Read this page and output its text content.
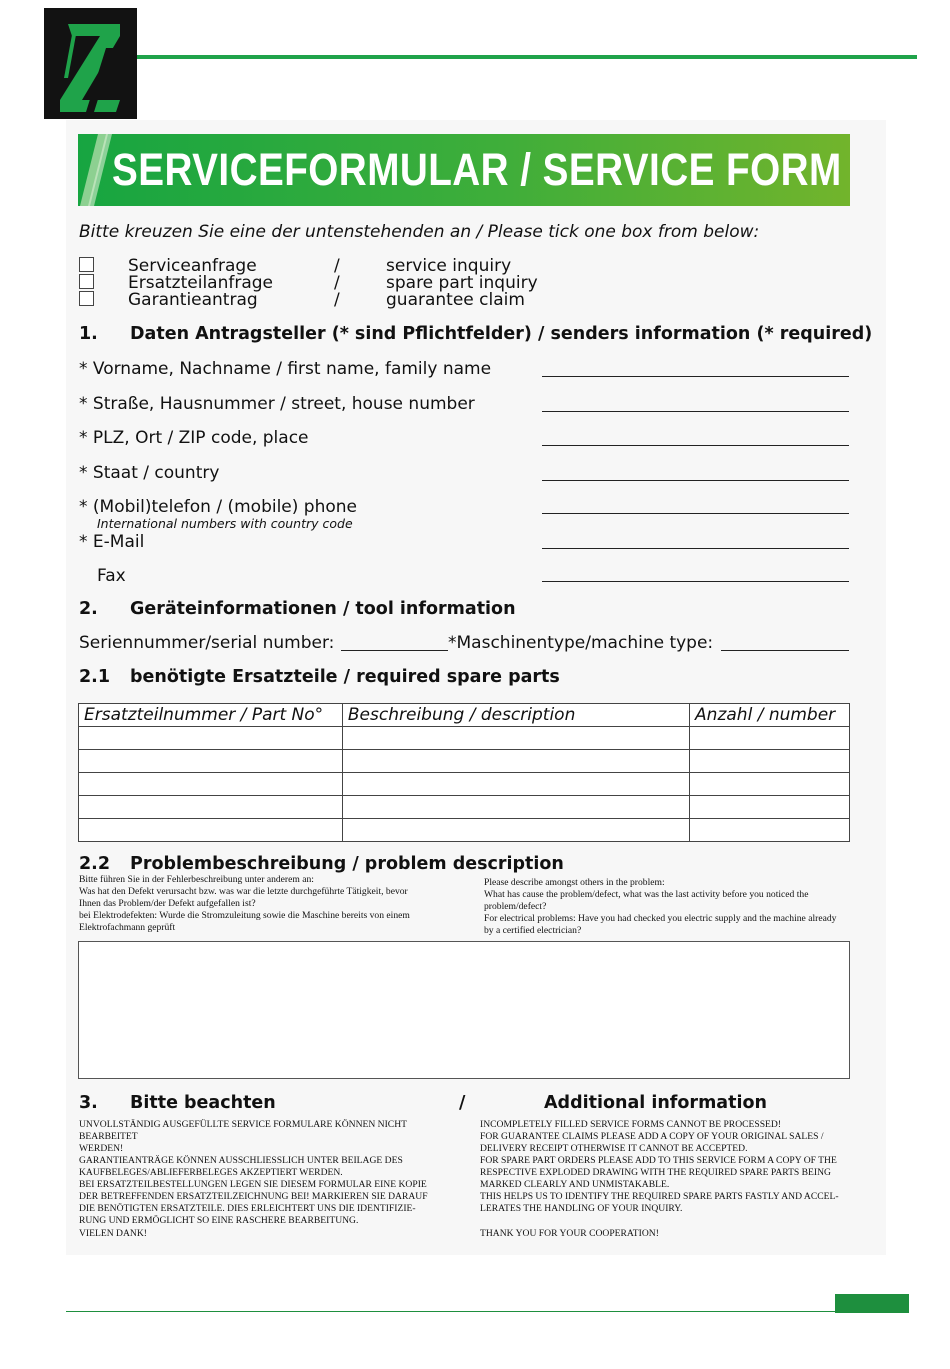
SERVICEFORMULAR / SERVICE FORM
Bitte kreuzen Sie eine der untenstehenden an / Please tick one box from below:
Serviceanfrage	/	service inquiry
Ersatzteilanfrage	/	spare part inquiry
Garantieantrag	/	guarantee claim
1. Daten Antragsteller (* sind Pflichtfelder) / senders information (* required)
* Vorname, Nachname / first name, family name
* Straße, Hausnummer / street, house number
* PLZ, Ort / ZIP code, place
* Staat / country
* (Mobil)telefon / (mobile) phone
International numbers with country code
* E-Mail
Fax
2. Geräteinformationen / tool information
Seriennummer/serial number:	*Maschinentype/machine type:
2.1 benötigte Ersatzteile / required spare parts
Ersatzteilnummer / Part No°	Beschreibung / description	Anzahl / number

2.2 Problembeschreibung / problem description
Bitte führen Sie in der Fehlerbeschreibung unter anderem an:
Was hat den Defekt verursacht bzw. was war die letzte durchgeführte Tätigkeit, bevor
Ihnen das Problem/der Defekt aufgefallen ist?
bei Elektrodefekten: Wurde die Stromzuleitung sowie die Maschine bereits von einem
Elektrofachmann geprüft
Please describe amongst others in the problem:
What has cause the problem/defect, what was the last activity before you noticed the
problem/defect?
For electrical problems: Have you had checked you electric supply and the machine already
by a certified electrician?
3. Bitte beachten	/	Additional information
UNVOLLSTÄNDIG AUSGEFÜLLTE SERVICE FORMULARE KÖNNEN NICHT BEARBEITET
WERDEN!
GARANTIEANTRÄGE KÖNNEN AUSSCHLIESSLICH UNTER BEILAGE DES
KAUFBELEGES/ABLIEFERBELEGES AKZEPTIERT WERDEN.
BEI ERSATZTEILBESTELLUNGEN LEGEN SIE DIESEM FORMULAR EINE KOPIE
DER BETREFFENDEN ERSATZTEILZEICHNUNG BEI! MARKIEREN SIE DARAUF
DIE BENÖTIGTEN ERSATZTEILE. DIES ERLEICHTERT UNS DIE IDENTIFIZIE-
RUNG UND ERMÖGLICHT SO EINE RASCHERE BEARBEITUNG.
INCOMPLETELY FILLED SERVICE FORMS CANNOT BE PROCESSED!
FOR GUARANTEE CLAIMS PLEASE ADD A COPY OF YOUR ORIGINAL SALES /
DELIVERY RECEIPT OTHERWISE IT CANNOT BE ACCEPTED.
FOR SPARE PART ORDERS PLEASE ADD TO THIS SERVICE FORM A COPY OF THE
RESPECTIVE EXPLODED DRAWING WITH THE REQUIRED SPARE PARTS BEING
MARKED CLEARLY AND UNMISTAKABLE.
THIS HELPS US TO IDENTIFY THE REQUIRED SPARE PARTS FASTLY AND ACCEL-
LERATES THE HANDLING OF YOUR INQUIRY.
VIELEN DANK!	THANK YOU FOR YOUR COOPERATION!
